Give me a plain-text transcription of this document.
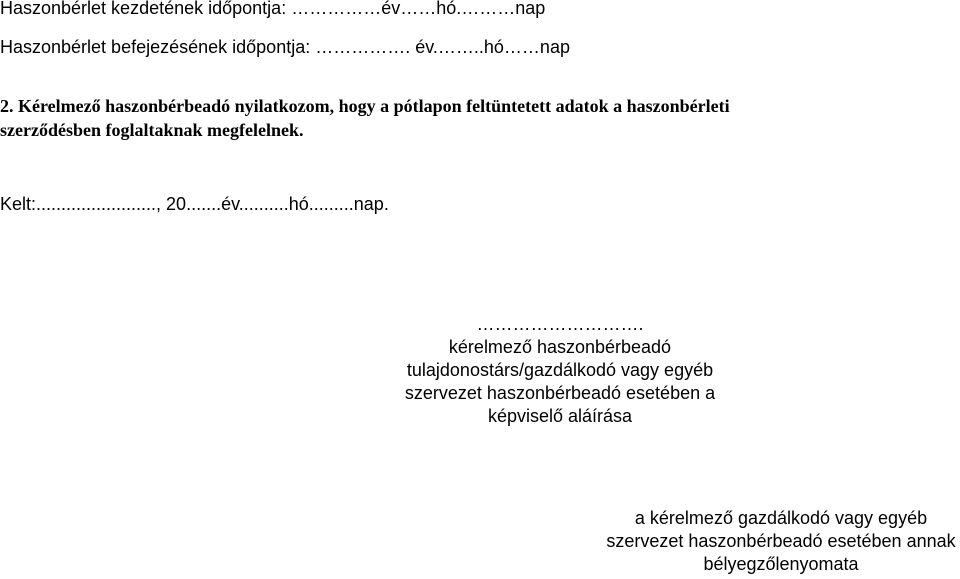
Haszonbérlet kezdetének időpontja: ……………év……hó.………nap
Haszonbérlet befejezésének időpontja: ……………. év.……..hó……nap
2. Kérelmező haszonbérbeadó nyilatkozom, hogy a pótlapon feltüntetett adatok a haszonbérleti
szerződésben foglaltaknak megfelelnek.
Kelt:........................, 20.......év..........hó.........nap.
……………………….
kérelmező haszonbérbeadó
tulajdonostárs/gazdálkodó vagy egyéb
szervezet haszonbérbeadó esetében a
képviselő aláírása
a kérelmező gazdálkodó vagy egyéb
szervezet haszonbérbeadó esetében annak
bélyegzőlenyomata
